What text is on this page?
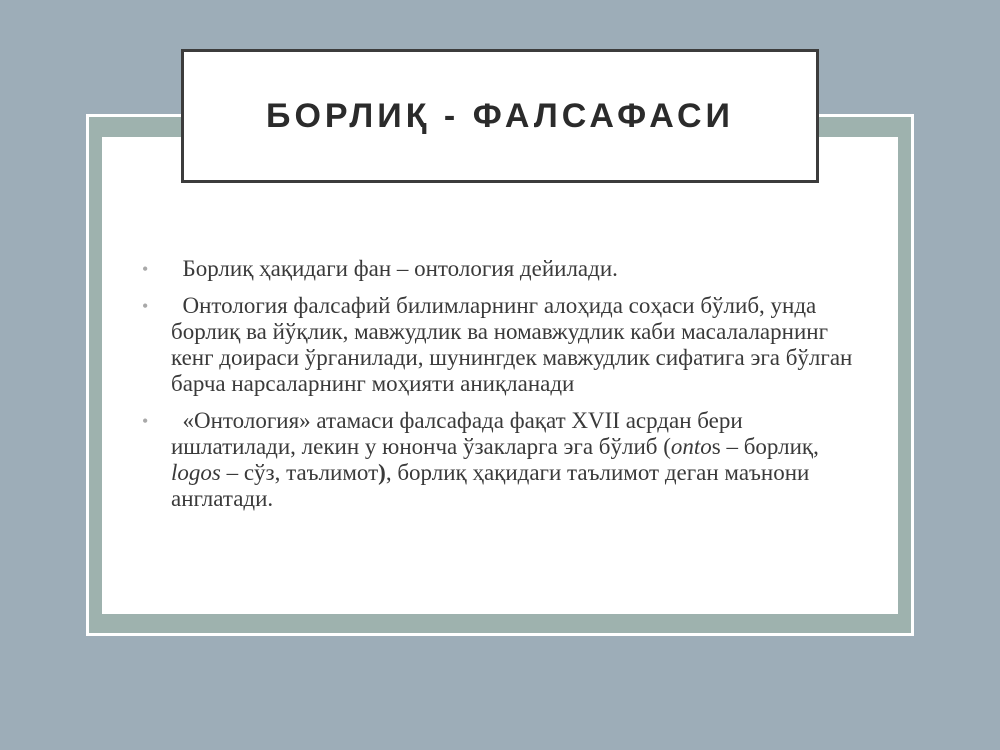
БОРЛИҚ - ФАЛСАФАСИ
• Борлиқ ҳақидаги фан – онтология дейилади.
• Онтология фалсафий билимларнинг алоҳида соҳаси бўлиб, унда борлиқ ва йўқлик, мавжудлик ва номавжудлик каби масалаларнинг кенг доираси ўрганилади, шунингдек мавжудлик сифатига эга бўлган барча нарсаларнинг моҳияти аниқланади
• «Онтология» атамаси фалсафада фақат XVII асрдан бери ишлатилади, лекин у юнонча ўзакларга эга бўлиб (ontos – борлиқ, logos – сўз, таълимот), борлиқ ҳақидаги таълимот деган маънони англатади.
